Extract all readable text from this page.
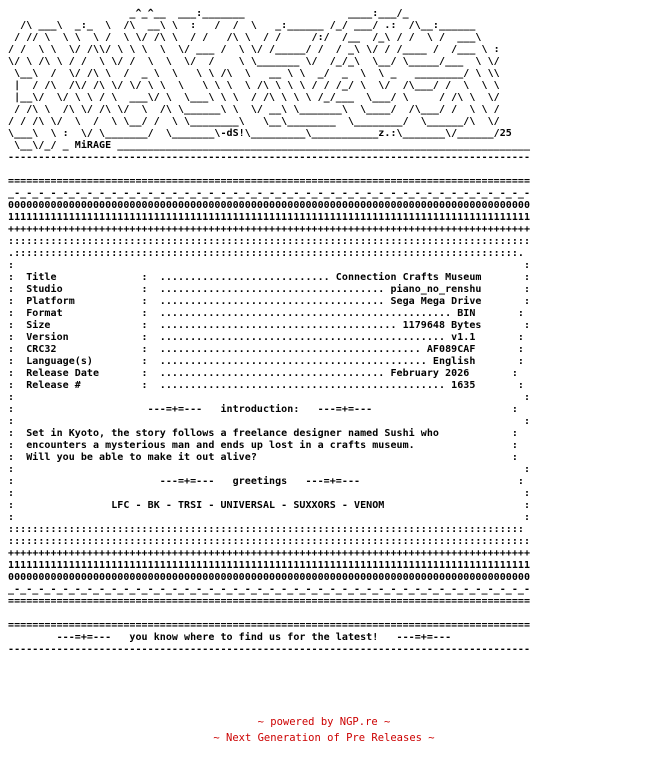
_^_^__  ___:_______                 ____:___/_
/\ ___\  _:_  \  /\  __\ \  :   /  /  \   _:______ /_/ ___/ .:  /\__:______
/ // \  \ \  \ /  \ \/ /\ \  / /   /\ \  / /     /:/  /__  /_\ / /  \ /  ___\
/ /  \ \  \/ /\\/ \ \ \  \  \/ ___ /  \ \/ /_____/ /  / _\ \/ / /____ /  /___ \ :
\/ \ /\ \ / /  \ \/ /  \  \  \/  /    \ \_______ \/  /_/_\  \__/ \_____/___  \ \/
\__\  /  \/ /\ \  /  _ \  \   \ \ /\  \   __ \ \  _/  _  \  \ _   ________/ \ \\
|  / /\  /\/ /\ \/ \/ \ \  \   \ \ \  \ /\ \ \ \ / / /_/ \  \/  /\___/ /  \  \ \
|__\/  \/ \ \ / \  ___\/ \  \___\ \ \  / /\ \ \ \ /_/___  \___/ \     / /\ \  \/
/ /\ \  /\ \/ /\ \/  \  /\ \______\ \  \/ __\ \_______\  \____/  /\___/ /  \ \ /
/ / /\ \/  \  /  \ \__/ /  \ \________\   \__\________  \________/  \______/\  \/
\___\  \ :  \/ \_______/  \_______\-dS!\_________\___________z.:\_______\/______/25
\__\/_/ _ MiRAGE ____________________________________________________________________
--------------------------------------------------------------------------------------

======================================================================================
_-_-_-_-_-_-_-_-_-_-_-_-_-_-_-_-_-_-_-_-_-_-_-_-_-_-_-_-_-_-_-_-_-_-_-_-_-_-_-_-_-_-_-
00000000000000000000000000000000000000000000000000000000000000000000000000000000000000
11111111111111111111111111111111111111111111111111111111111111111111111111111111111111
++++++++++++++++++++++++++++++++++++++++++++++++++++++++++++++++++++++++++++++++++++++
::::::::::::::::::::::::::::::::::::::::::::::::::::::::::::::::::::::::::::::::::::::
.:::::::::::::::::::::::::::::::::::::::::::::::::::::::::::::::::::::::::::::::::::.
:                                                                                    :
:  Title              :  ............................ Connection Crafts Museum       :
:  Studio             :  ..................................... piano_no_renshu       :
:  Platform           :  ..................................... Sega Mega Drive       :
:  Format             :  ................................................ BIN       :
:  Size               :  ....................................... 1179648 Bytes       :
:  Version            :  ............................................... v1.1       :
:  CRC32              :  ........................................... AF089CAF       :
:  Language(s)        :  ............................................ English       :
:  Release Date       :  ..................................... February 2026       :
:  Release #          :  ............................................... 1635       :
:                                                                                    :
:                      ---=+=---   introduction:   ---=+=---                       :
:                                                                                    :
:  Set in Kyoto, the story follows a freelance designer named Sushi who            :
:  encounters a mysterious man and ends up lost in a crafts museum.                :
:  Will you be able to make it out alive?                                          :
:                                                                                    :
:                        ---=+=---   greetings   ---=+=---                          :
:                                                                                    :
:                LFC - BK - TRSI - UNIVERSAL - SUXXORS - VENOM                       :
:                                                                                    :
:::::::::::::::::::::::::::::::::::::::::::::::::::::::::::::::::::::::::::::::::::::
::::::::::::::::::::::::::::::::::::::::::::::::::::::::::::::::::::::::::::::::::::::
++++++++++++++++++++++++++++++++++++++++++++++++++++++++++++++++++++++++++++++++++++++
11111111111111111111111111111111111111111111111111111111111111111111111111111111111111
00000000000000000000000000000000000000000000000000000000000000000000000000000000000000
_-_-_-_-_-_-_-_-_-_-_-_-_-_-_-_-_-_-_-_-_-_-_-_-_-_-_-_-_-_-_-_-_-_-_-_-_-_-_-_-_-_-_-
======================================================================================

======================================================================================
---=+=---   you know where to find us for the latest!   ---=+=---
--------------------------------------------------------------------------------------
~ powered by NGP.re ~
~ Next Generation of Pre Releases ~
